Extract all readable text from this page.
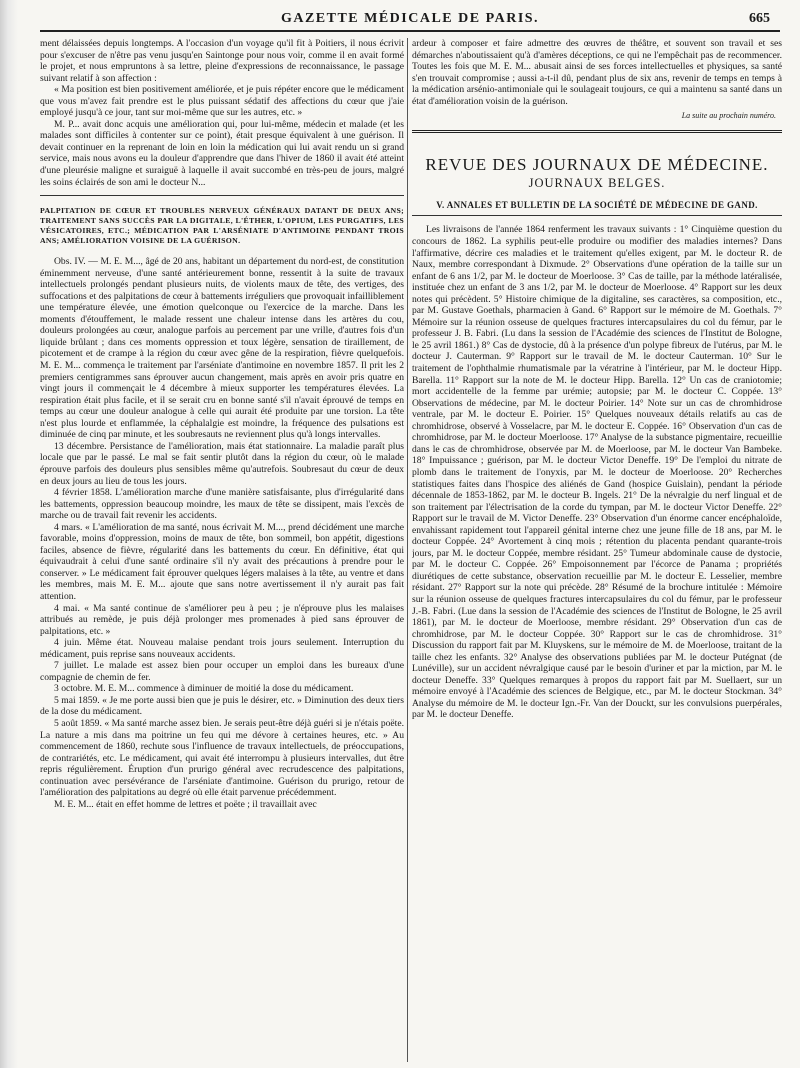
GAZETTE MÉDICALE DE PARIS.	665

ment délaissées depuis longtemps. A l'occasion d'un voyage qu'il fit à Poitiers, il nous écrivit pour s'excuser de n'être pas venu jusqu'en Saintonge pour nous voir, comme il en avait formé le projet, et nous empruntons à sa lettre, pleine d'expressions de reconnaissance, le passage suivant relatif à son affection :

« Ma position est bien positivement améliorée, et je puis répéter encore que le médicament que vous m'avez fait prendre est le plus puissant sédatif des affections du cœur que j'aie employé jusqu'à ce jour, tant sur moi-même que sur les autres, etc. »

M. P... avait donc acquis une amélioration qui, pour lui-même, médecin et malade (et les malades sont difficiles à contenter sur ce point), était presque équivalent à une guérison. Il devait continuer en la reprenant de loin en loin la médication qui lui avait rendu un si grand service, mais nous avons eu la douleur d'apprendre que dans l'hiver de 1860 il avait été atteint d'une pleurésie maligne et suraiguë à laquelle il avait succombé en très-peu de jours, malgré les soins éclairés de son ami le docteur N...

PALPITATION DE CŒUR ET TROUBLES NERVEUX GÉNÉRAUX DATANT DE DEUX ANS; TRAITEMENT SANS SUCCÈS PAR LA DIGITALE, L'ÉTHER, L'OPIUM, LES PURGATIFS, LES VÉSICATOIRES, ETC.; MÉDICATION PAR L'ARSÉNIATE D'ANTIMOINE PENDANT TROIS ANS; AMÉLIORATION VOISINE DE LA GUÉRISON.

Obs. IV. — M. E. M..., âgé de 20 ans, habitant un département du nord-est, de constitution éminemment nerveuse, d'une santé antérieurement bonne, ressentit à la suite de travaux intellectuels prolongés pendant plusieurs nuits, de violents maux de tête, des vertiges, des suffocations et des palpitations de cœur à battements irréguliers que provoquait infailliblement une température élevée, une émotion quelconque ou l'exercice de la marche. Dans les moments d'étouffement, le malade ressent une chaleur intense dans les artères du cou, douleurs prolongées au cœur, analogue parfois au percement par une vrille, d'autres fois d'un liquide brûlant ; dans ces moments oppression et toux légère, sensation de tiraillement, de picotement et de crampe à la région du cœur avec gêne de la respiration, fièvre quelquefois. M. E. M... commença le traitement par l'arséniate d'antimoine en novembre 1857. Il prit les 2 premiers centigrammes sans éprouver aucun changement, mais après en avoir pris quatre en vingt jours il commençait le 4 décembre à mieux supporter les températures élevées. La respiration était plus facile, et il se serait cru en bonne santé s'il n'avait éprouvé de temps en temps au cœur une douleur analogue à celle qui aurait été produite par une torsion. La tête n'est plus lourde et enflammée, la céphalalgie est moindre, la fréquence des pulsations est diminuée de cinq par minute, et les soubresauts ne reviennent plus qu'à longs intervalles.

13 décembre. Persistance de l'amélioration, mais état stationnaire. La maladie paraît plus locale que par le passé. Le mal se fait sentir plutôt dans la région du cœur, où le malade éprouve parfois des douleurs plus sensibles même qu'autrefois. Soubresaut du cœur de deux en deux jours au lieu de tous les jours.

4 février 1858. L'amélioration marche d'une manière satisfaisante, plus d'irrégularité dans les battements, oppression beaucoup moindre, les maux de tête se dissipent, mais l'excès de marche ou de travail fait revenir les accidents.

4 mars. « L'amélioration de ma santé, nous écrivait M. M..., prend décidément une marche favorable, moins d'oppression, moins de maux de tête, bon sommeil, bon appétit, digestions faciles, absence de fièvre, régularité dans les battements du cœur. En définitive, état qui équivaudrait à celui d'une santé ordinaire s'il n'y avait des précautions à prendre pour le conserver. » Le médicament fait éprouver quelques légers malaises à la tête, au ventre et dans les membres, mais M. E. M... ajoute que sans notre avertissement il n'y aurait pas fait attention.

4 mai. « Ma santé continue de s'améliorer peu à peu ; je n'éprouve plus les malaises attribués au remède, je puis déjà prolonger mes promenades à pied sans éprouver de palpitations, etc. »

4 juin. Même état. Nouveau malaise pendant trois jours seulement. Interruption du médicament, puis reprise sans nouveaux accidents.

7 juillet. Le malade est assez bien pour occuper un emploi dans les bureaux d'une compagnie de chemin de fer.

3 octobre. M. E. M... commence à diminuer de moitié la dose du médicament.

5 mai 1859. « Je me porte aussi bien que je puis le désirer, etc. » Diminution des deux tiers de la dose du médicament.

5 août 1859. « Ma santé marche assez bien. Je serais peut-être déjà guéri si je n'étais poëte. La nature a mis dans ma poitrine un feu qui me dévore à certaines heures, etc. » Au commencement de 1860, rechute sous l'influence de travaux intellectuels, de préoccupations, de contrariétés, etc. Le médicament, qui avait été interrompu à plusieurs intervalles, dut être repris régulièrement. Éruption d'un prurigo général avec recrudescence des palpitations, continuation avec persévérance de l'arséniate d'antimoine. Guérison du prurigo, retour de l'amélioration des palpitations au degré où elle était parvenue précédemment.

M. E. M... était en effet homme de lettres et poëte ; il travaillait avec

ardeur à composer et faire admettre des œuvres de théâtre, et souvent son travail et ses démarches n'aboutissaient qu'à d'amères déceptions, ce qui ne l'empêchait pas de recommencer. Toutes les fois que M. E. M... abusait ainsi de ses forces intellectuelles et physiques, sa santé s'en trouvait compromise ; aussi a-t-il dû, pendant plus de six ans, revenir de temps en temps à la médication arsénio-antimoniale qui le soulageait toujours, ce qui a maintenu sa santé dans un état d'amélioration voisin de la guérison.

La suite au prochain numéro.
REVUE DES JOURNAUX DE MÉDECINE.
JOURNAUX BELGES.
V. ANNALES ET BULLETIN DE LA SOCIÉTÉ DE MÉDECINE DE GAND.

Les livraisons de l'année 1864 renferment les travaux suivants : 1° Cinquième question du concours de 1862. La syphilis peut-elle produire ou modifier des maladies internes? Dans l'affirmative, décrire ces maladies et le traitement qu'elles exigent, par M. le docteur R. de Naux, membre correspondant à Dixmude. 2° Observations d'une opération de la taille sur un enfant de 6 ans 1/2, par M. le docteur de Moerloose. 3° Cas de taille, par la méthode latéralisée, instituée chez un enfant de 3 ans 1/2, par M. le docteur de Moerloose. 4° Rapport sur les deux notes qui précèdent. 5° Histoire chimique de la digitaline, ses caractères, sa composition, etc., par M. Gustave Goethals, pharmacien à Gand. 6° Rapport sur le mémoire de M. Goethals. 7° Mémoire sur la réunion osseuse de quelques fractures intercapsulaires du col du fémur, par le professeur J. B. Fabri. (Lu dans la session de l'Académie des sciences de l'Institut de Bologne, le 25 avril 1861.) 8° Cas de dystocie, dû à la présence d'un polype fibreux de l'utérus, par M. le docteur J. Cauterman. 9° Rapport sur le travail de M. le docteur Cauterman. 10° Sur le traitement de l'ophthalmie rhumatismale par la vératrine à l'intérieur, par M. le docteur Hipp. Barella. 11° Rapport sur la note de M. le docteur Hipp. Barella. 12° Un cas de craniotomie; mort accidentelle de la femme par urémie; autopsie; par M. le docteur C. Coppée. 13° Observations de médecine, par M. le docteur Poirier. 14° Note sur un cas de chromhidrose ventrale, par M. le docteur E. Poirier. 15° Quelques nouveaux détails relatifs au cas de chromhidrose, observé à Vosselacre, par M. le docteur E. Coppée. 16° Observation d'un cas de chromhidrose, par M. le docteur Moerloose. 17° Analyse de la substance pigmentaire, recueillie dans le cas de chromhidrose, observée par M. de Moerloose, par M. le docteur Van Bambeke. 18° Impuissance ; guérison, par M. le docteur Victor Deneffe. 19° De l'emploi du nitrate de plomb dans le traitement de l'onyxis, par M. le docteur de Moerloose. 20° Recherches statistiques faites dans l'hospice des aliénés de Gand (hospice Guislain), pendant la période décennale de 1853-1862, par M. le docteur B. Ingels. 21° De la névralgie du nerf lingual et de son traitement par l'électrisation de la corde du tympan, par M. le docteur Victor Deneffe. 22° Rapport sur le travail de M. Victor Deneffe. 23° Observation d'un énorme cancer encéphaloïde, envahissant rapidement tout l'appareil génital interne chez une jeune fille de 18 ans, par M. le docteur Coppée. 24° Avortement à cinq mois ; rétention du placenta pendant quarante-trois jours, par M. le docteur Coppée, membre résidant. 25° Tumeur abdominale cause de dystocie, par M. le docteur C. Coppée. 26° Empoisonnement par l'écorce de Panama ; propriétés diurétiques de cette substance, observation recueillie par M. le docteur E. Lesselier, membre résidant. 27° Rapport sur la note qui précède. 28° Résumé de la brochure intitulée : Mémoire sur la réunion osseuse de quelques fractures intercapsulaires du col du fémur, par le professeur J.-B. Fabri. (Lue dans la session de l'Académie des sciences de l'Institut de Bologne, le 25 avril 1861), par M. le docteur de Moerloose, membre résidant. 29° Observation d'un cas de chromhidrose, par M. le docteur Coppée. 30° Rapport sur le cas de chromhidrose. 31° Discussion du rapport fait par M. Kluyskens, sur le mémoire de M. de Moerloose, traitant de la taille chez les enfants. 32° Analyse des observations publiées par M. le docteur Putégnat (de Lunéville), sur un accident névralgique causé par le besoin d'uriner et par la miction, par M. le docteur Deneffe. 33° Quelques remarques à propos du rapport fait par M. Suellaert, sur un mémoire envoyé à l'Académie des sciences de Belgique, etc., par M. le docteur Stockman. 34° Analyse du mémoire de M. le docteur Ign.-Fr. Van der Douckt, sur les convulsions puerpérales, par M. le docteur Deneffe.
